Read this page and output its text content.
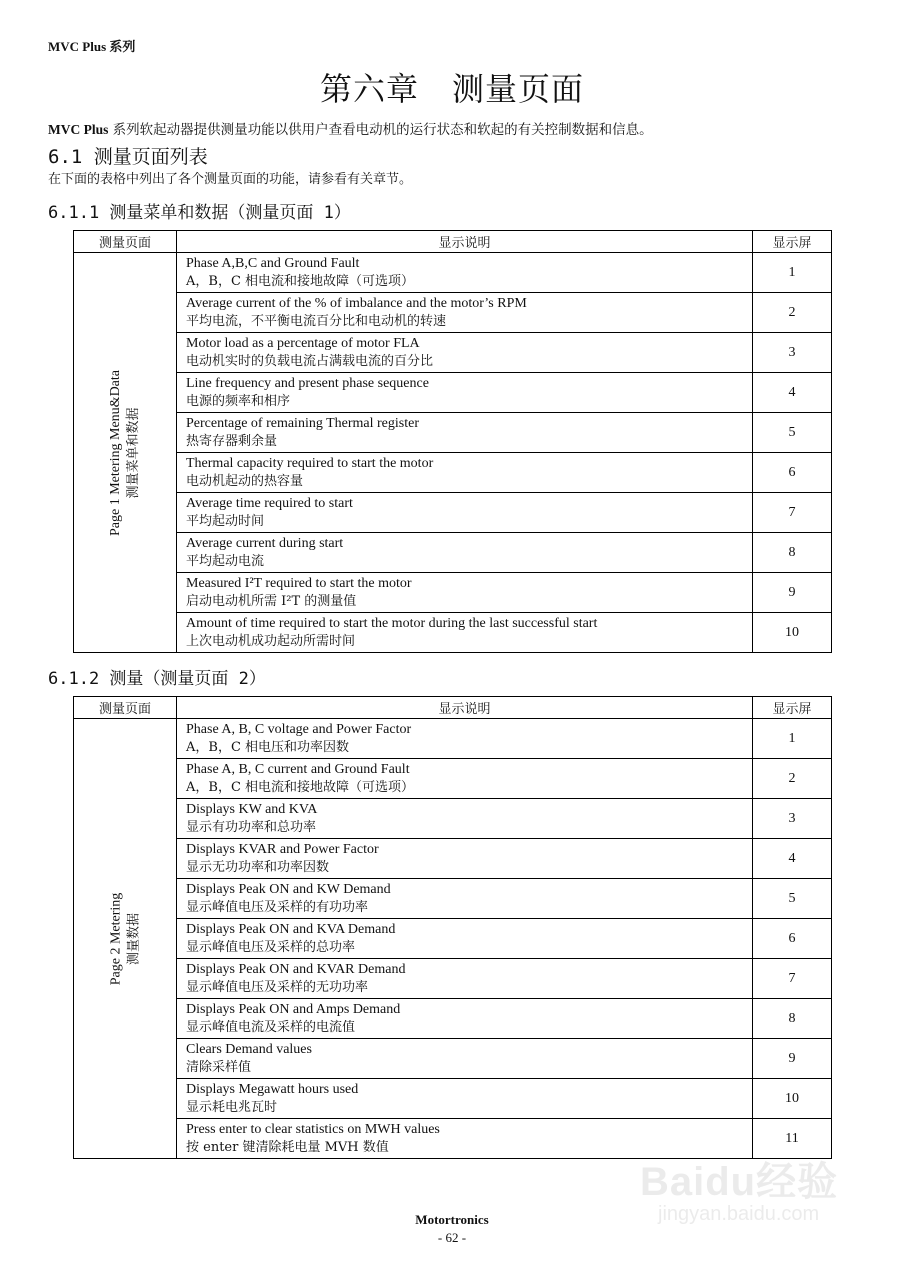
MVC Plus 系列
第六章　测量页面
MVC Plus 系列软起动器提供测量功能以供用户查看电动机的运行状态和软起的有关控制数据和信息。
6.1 测量页面列表
在下面的表格中列出了各个测量页面的功能，请参看有关章节。
6.1.1 测量菜单和数据（测量页面 1）
测量页面	显示说明	显示屏

Page 1 Metering Menu&Data 测量菜单和数据	Phase A,B,C and Ground Fault
A，B，C 相电流和接地故障（可选项）	1

	Average current of the % of imbalance and the motor’s RPM
平均电流，不平衡电流百分比和电动机的转速	2

	Motor load as a percentage of motor FLA
电动机实时的负载电流占满载电流的百分比	3

	Line frequency and present phase sequence
电源的频率和相序	4

	Percentage of remaining Thermal register
热寄存器剩余量	5

	Thermal capacity required to start the motor
电动机起动的热容量	6

	Average time required to start
平均起动时间	7

	Average current during start
平均起动电流	8

	Measured I²T required to start the motor
启动电动机所需 I²T 的测量值	9

	Amount of time required to start the motor during the last successful start
上次电动机成功起动所需时间	10
6.1.2 测量（测量页面 2）
测量页面	显示说明	显示屏

Page 2 Metering 测量数据	Phase A, B, C voltage and Power Factor
A，B，C 相电压和功率因数	1

	Phase A, B, C current and Ground Fault
A，B，C 相电流和接地故障（可选项）	2

	Displays KW and KVA
显示有功功率和总功率	3

	Displays KVAR and Power Factor
显示无功功率和功率因数	4

	Displays Peak ON and KW Demand
显示峰值电压及采样的有功功率	5

	Displays Peak ON and KVA Demand
显示峰值电压及采样的总功率	6

	Displays Peak ON and KVAR Demand
显示峰值电压及采样的无功功率	7

	Displays Peak ON and Amps Demand
显示峰值电流及采样的电流值	8

	Clears Demand values
清除采样值	9

	Displays Megawatt hours used
显示耗电兆瓦时	10

	Press enter to clear statistics on MWH values
按 enter 键清除耗电量 MVH 数值	11
Baidu经验
jingyan.baidu.com
Motortronics
- 62 -
